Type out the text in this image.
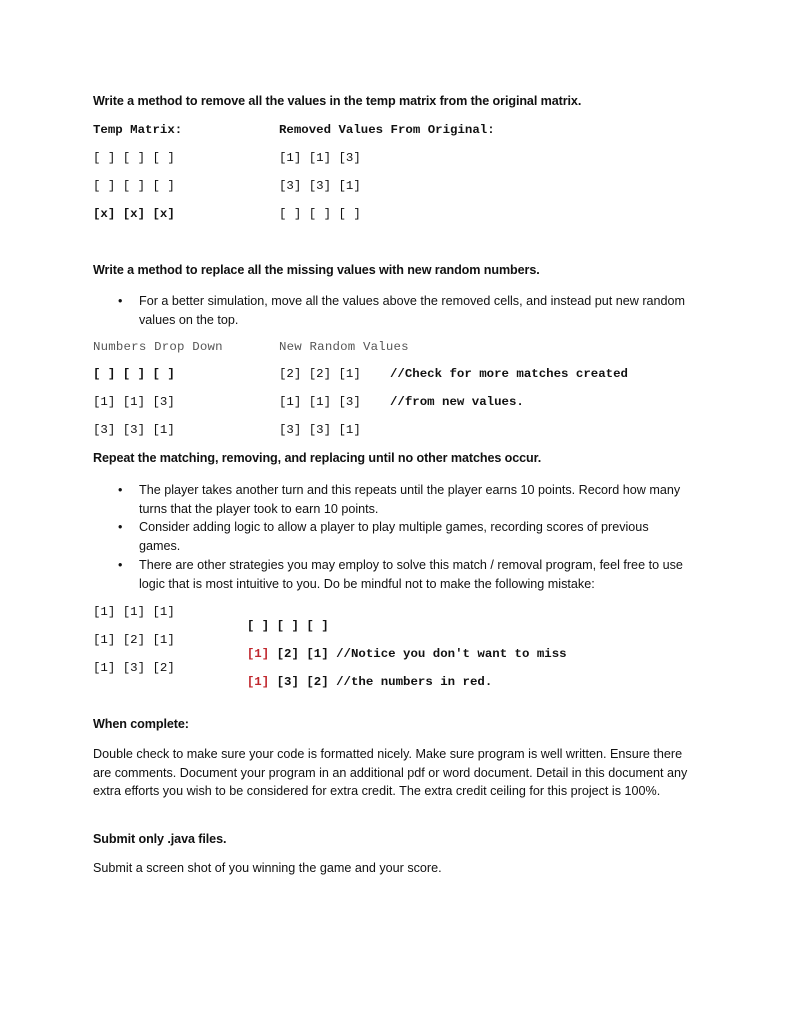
Write a method to remove all the values in the temp matrix from the original matrix.
Temp Matrix:	Removed Values From Original:
[ ] [ ] [ ]
[ ] [ ] [ ]
[x] [x] [x]
[1] [1] [3]
[3] [3] [1]
[ ] [ ] [ ]
Write a method to replace all the missing values with new random numbers.
• For a better simulation, move all the values above the removed cells, and instead put new random values on the top.
Numbers Drop Down	New Random Values
[ ] [ ] [ ]
[1] [1] [3]
[3] [3] [1]
[2] [2] [1]
[1] [1] [3]
[3] [3] [1]
//Check for more matches created
//from new values.
Repeat the matching, removing, and replacing until no other matches occur.
• The player takes another turn and this repeats until the player earns 10 points. Record how many turns that the player took to earn 10 points.
• Consider adding logic to allow a player to play multiple games, recording scores of previous games.
• There are other strategies you may employ to solve this match / removal program, feel free to use logic that is most intuitive to you. Do be mindful not to make the following mistake:
[1] [1] [1]
[1] [2] [1]
[1] [3] [2]

[ ] [ ] [ ]

[1] [2] [1] //Notice you don't want to miss

[1] [3] [2] //the numbers in red.

When complete:
Double check to make sure your code is formatted nicely. Make sure program is well written. Ensure there are comments. Document your program in an additional pdf or word document. Detail in this document any extra efforts you wish to be considered for extra credit. The extra credit ceiling for this project is 100%.
Submit only .java files.
Submit a screen shot of you winning the game and your score.
